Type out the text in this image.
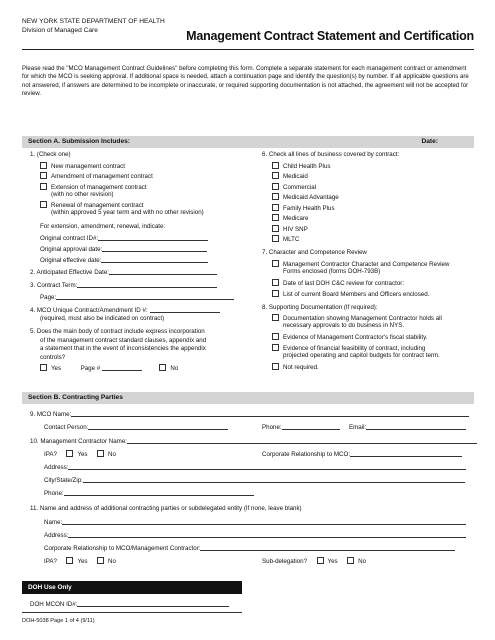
NEW YORK STATE DEPARTMENT OF HEALTH
Division of Managed Care	Management Contract Statement and Certification
Please read the "MCO Management Contract Guidelines" before completing this form. Complete a separate statement for each management contract or amendment for which the MCO is seeking approval. If additional space is needed, attach a continuation page and identify the question(s) by number. If all applicable questions are not answered, if answers are determined to be incomplete or inaccurate, or required supporting documentation is not attached, the agreement will not be accepted for review.
Section A. Submission Includes:	Date:
1. (Check one)
New management contract
Amendment of management contract
Extension of management contract
(with no other revision)
Renewal of management contract
(within approved 5 year term and with no other revision)
For extension, amendment, renewal, indicate:
Original contract ID#:
Original approval date:
Original effective date:
2. Anticipated Effective Date:
3. Contract Term:
Page:
4. MCO Unique Contract/Amendment ID #:
(required, must also be indicated on contract)
5. Does the main body of contract include express incorporation
of the management contract standard clauses, appendix and
a statement that in the event of inconsistencies the appendix
controls?
Yes	Page #	No
6. Check all lines of business covered by contract:
Child Health Plus
Medicaid
Commercial
Medicaid Advantage
Family Health Plus
Medicare
HIV SNP
MLTC
7. Character and Competence Review
Management Contractor Character and Competence Review
Forms enclosed (forms DOH-793B)
Date of last DOH C&C review for contractor:
List of current Board Members and Officers enclosed.
8. Supporting Documentation (If required):
Documentation showing Management Contractor holds all
necessary approvals to do business in NYS.
Evidence of Management Contractor's fiscal stability.
Evidence of financial feasibility of contract, including
projected operating and capitol budgets for contract term.
Not required.
Section B. Contracting Parties
9. MCO Name:
Contact Person:	Phone:	Email:
10. Management Contractor Name:
IPA?	Yes	No	Corporate Relationship to MCO:
Address:
City/State/Zip:
Phone:
11. Name and address of additional contracting parties or subdelegated entity (If none, leave blank)
Name:
Address:
Corporate Relationship to MCO/Management Contractor:
IPA?	Yes	No	Sub-delegation?	Yes	No
DOH Use Only
DOH MCON ID#:
DOH-5038 Page 1 of 4 (9/11)
